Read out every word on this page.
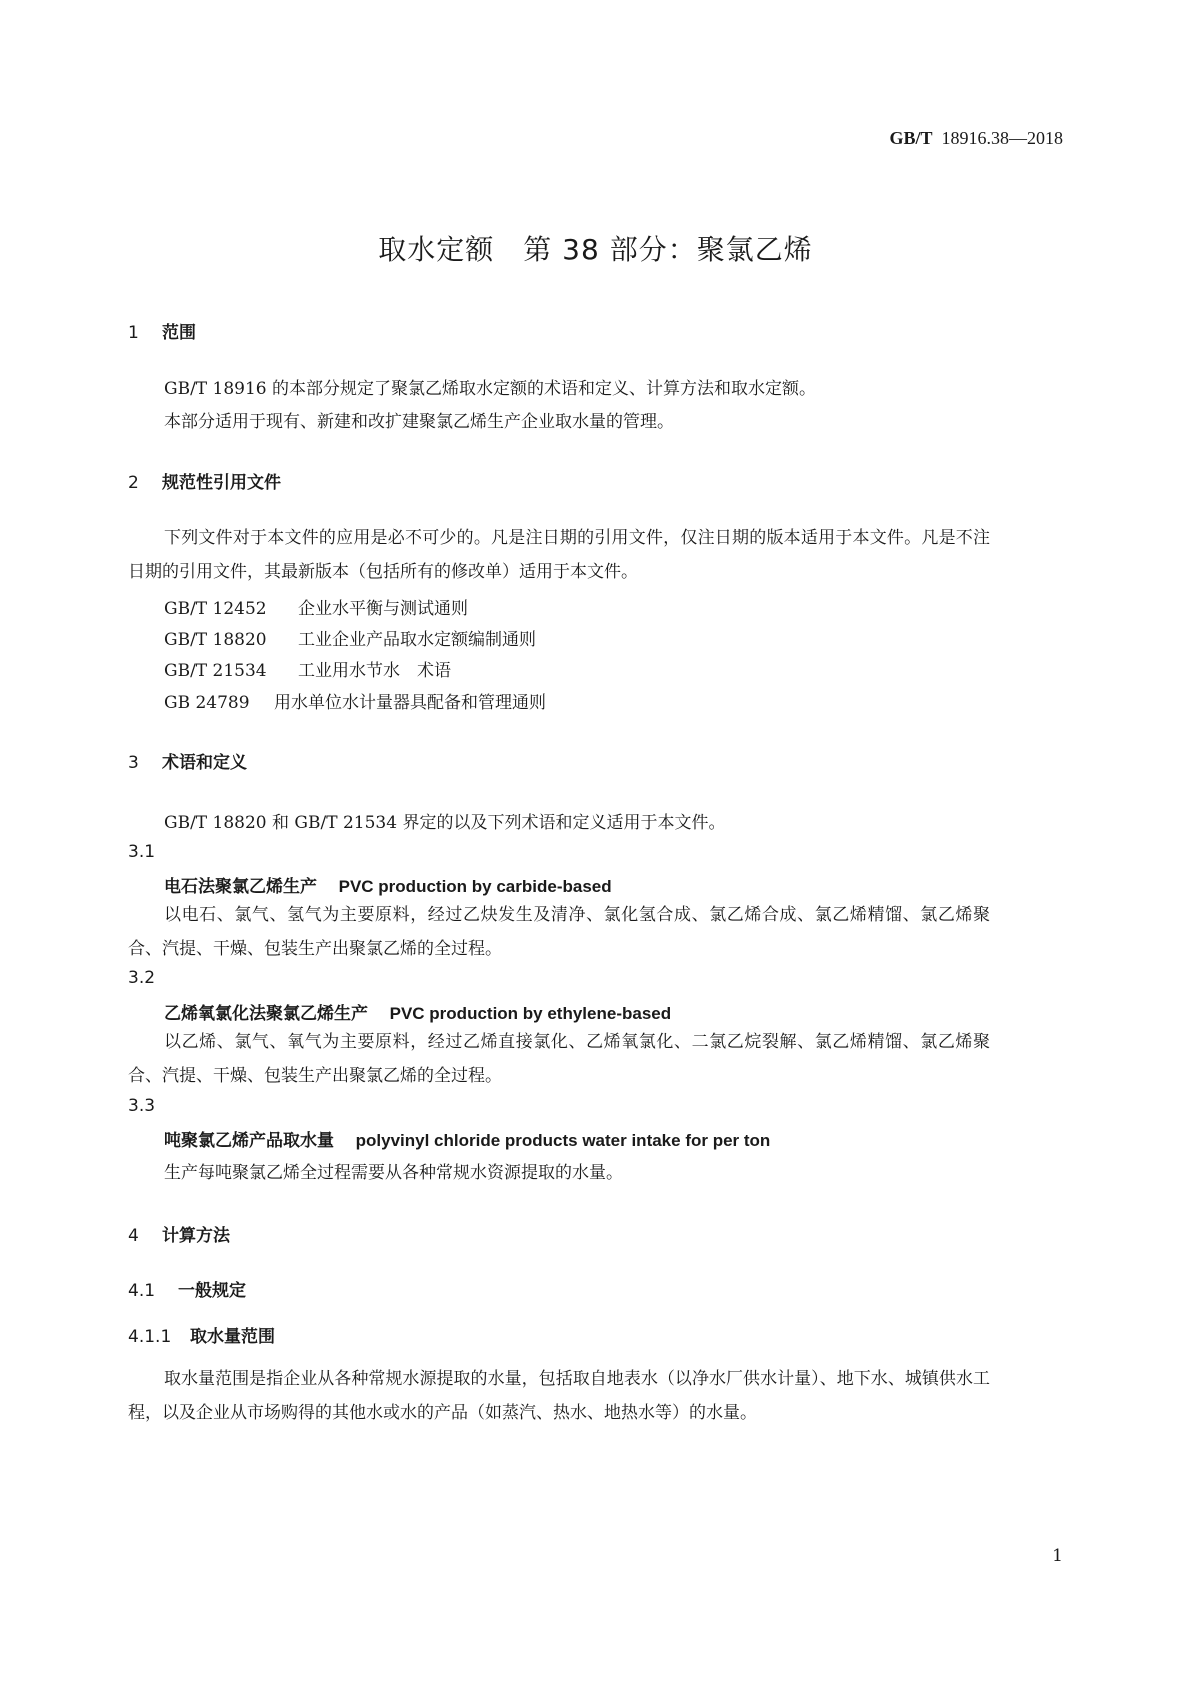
GB/T 18916.38—2018
取水定额　第 38 部分：聚氯乙烯
1 范围
GB/T 18916 的本部分规定了聚氯乙烯取水定额的术语和定义、计算方法和取水定额。
本部分适用于现有、新建和改扩建聚氯乙烯生产企业取水量的管理。
2 规范性引用文件
下列文件对于本文件的应用是必不可少的。凡是注日期的引用文件，仅注日期的版本适用于本文件。凡是不注日期的引用文件，其最新版本（包括所有的修改单）适用于本文件。
GB/T 12452 企业水平衡与测试通则
GB/T 18820 工业企业产品取水定额编制通则
GB/T 21534 工业用水节水　术语
GB 24789 用水单位水计量器具配备和管理通则
3 术语和定义
GB/T 18820 和 GB/T 21534 界定的以及下列术语和定义适用于本文件。
3.1
电石法聚氯乙烯生产 PVC production by carbide-based
以电石、氯气、氢气为主要原料，经过乙炔发生及清净、氯化氢合成、氯乙烯合成、氯乙烯精馏、氯乙烯聚合、汽提、干燥、包装生产出聚氯乙烯的全过程。
3.2
乙烯氧氯化法聚氯乙烯生产 PVC production by ethylene-based
以乙烯、氯气、氧气为主要原料，经过乙烯直接氯化、乙烯氧氯化、二氯乙烷裂解、氯乙烯精馏、氯乙烯聚合、汽提、干燥、包装生产出聚氯乙烯的全过程。
3.3
吨聚氯乙烯产品取水量 polyvinyl chloride products water intake for per ton
生产每吨聚氯乙烯全过程需要从各种常规水资源提取的水量。
4 计算方法
4.1 一般规定
4.1.1 取水量范围
取水量范围是指企业从各种常规水源提取的水量，包括取自地表水（以净水厂供水计量）、地下水、城镇供水工程，以及企业从市场购得的其他水或水的产品（如蒸汽、热水、地热水等）的水量。
1
